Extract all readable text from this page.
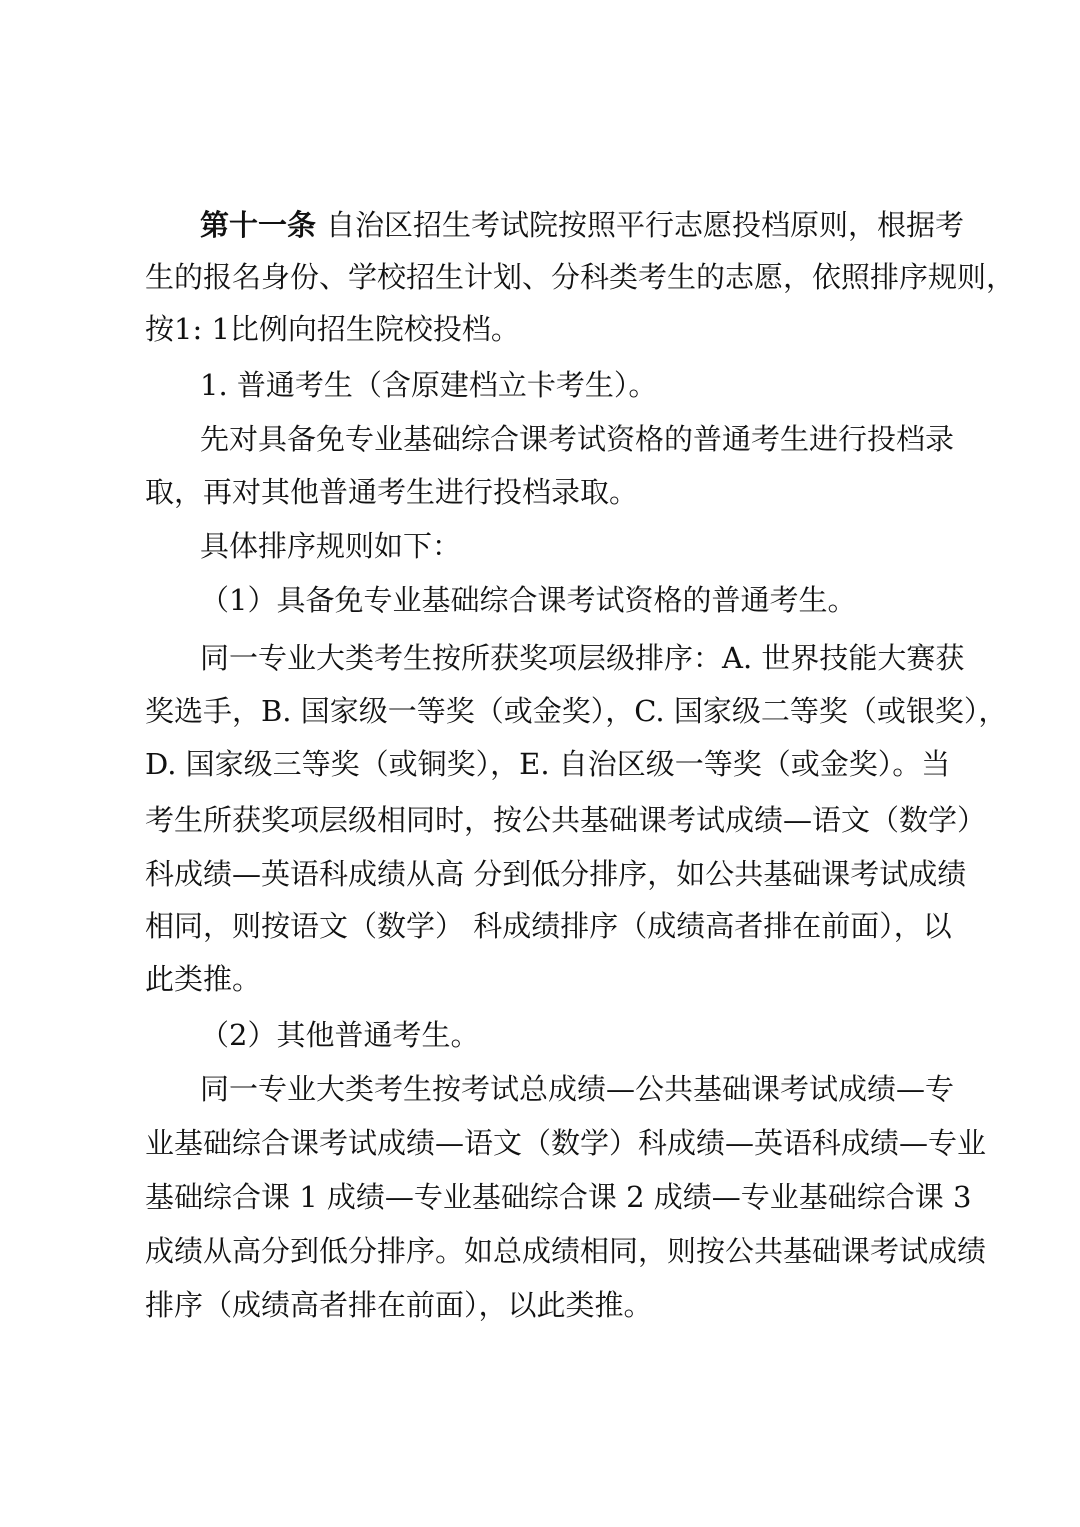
第十一条 自治区招生考试院按照平行志愿投档原则，根据考
生的报名身份、学校招生计划、分科类考生的志愿，依照排序规则，
按1: 1比例向招生院校投档。
1. 普通考生（含原建档立卡考生）。
先对具备免专业基础综合课考试资格的普通考生进行投档录
取，再对其他普通考生进行投档录取。
具体排序规则如下：
（1）具备免专业基础综合课考试资格的普通考生。
同一专业大类考生按所获奖项层级排序：A. 世界技能大赛获
奖选手，B. 国家级一等奖（或金奖），C. 国家级二等奖（或银奖），
D. 国家级三等奖（或铜奖），E. 自治区级一等奖（或金奖）。当
考生所获奖项层级相同时，按公共基础课考试成绩—语文（数学）
科成绩—英语科成绩从高 分到低分排序，如公共基础课考试成绩
相同，则按语文（数学） 科成绩排序（成绩高者排在前面），以
此类推。
（2）其他普通考生。
同一专业大类考生按考试总成绩—公共基础课考试成绩—专
业基础综合课考试成绩—语文（数学）科成绩—英语科成绩—专业
基础综合课 1 成绩—专业基础综合课 2 成绩—专业基础综合课 3
成绩从高分到低分排序。如总成绩相同，则按公共基础课考试成绩
排序（成绩高者排在前面），以此类推。
